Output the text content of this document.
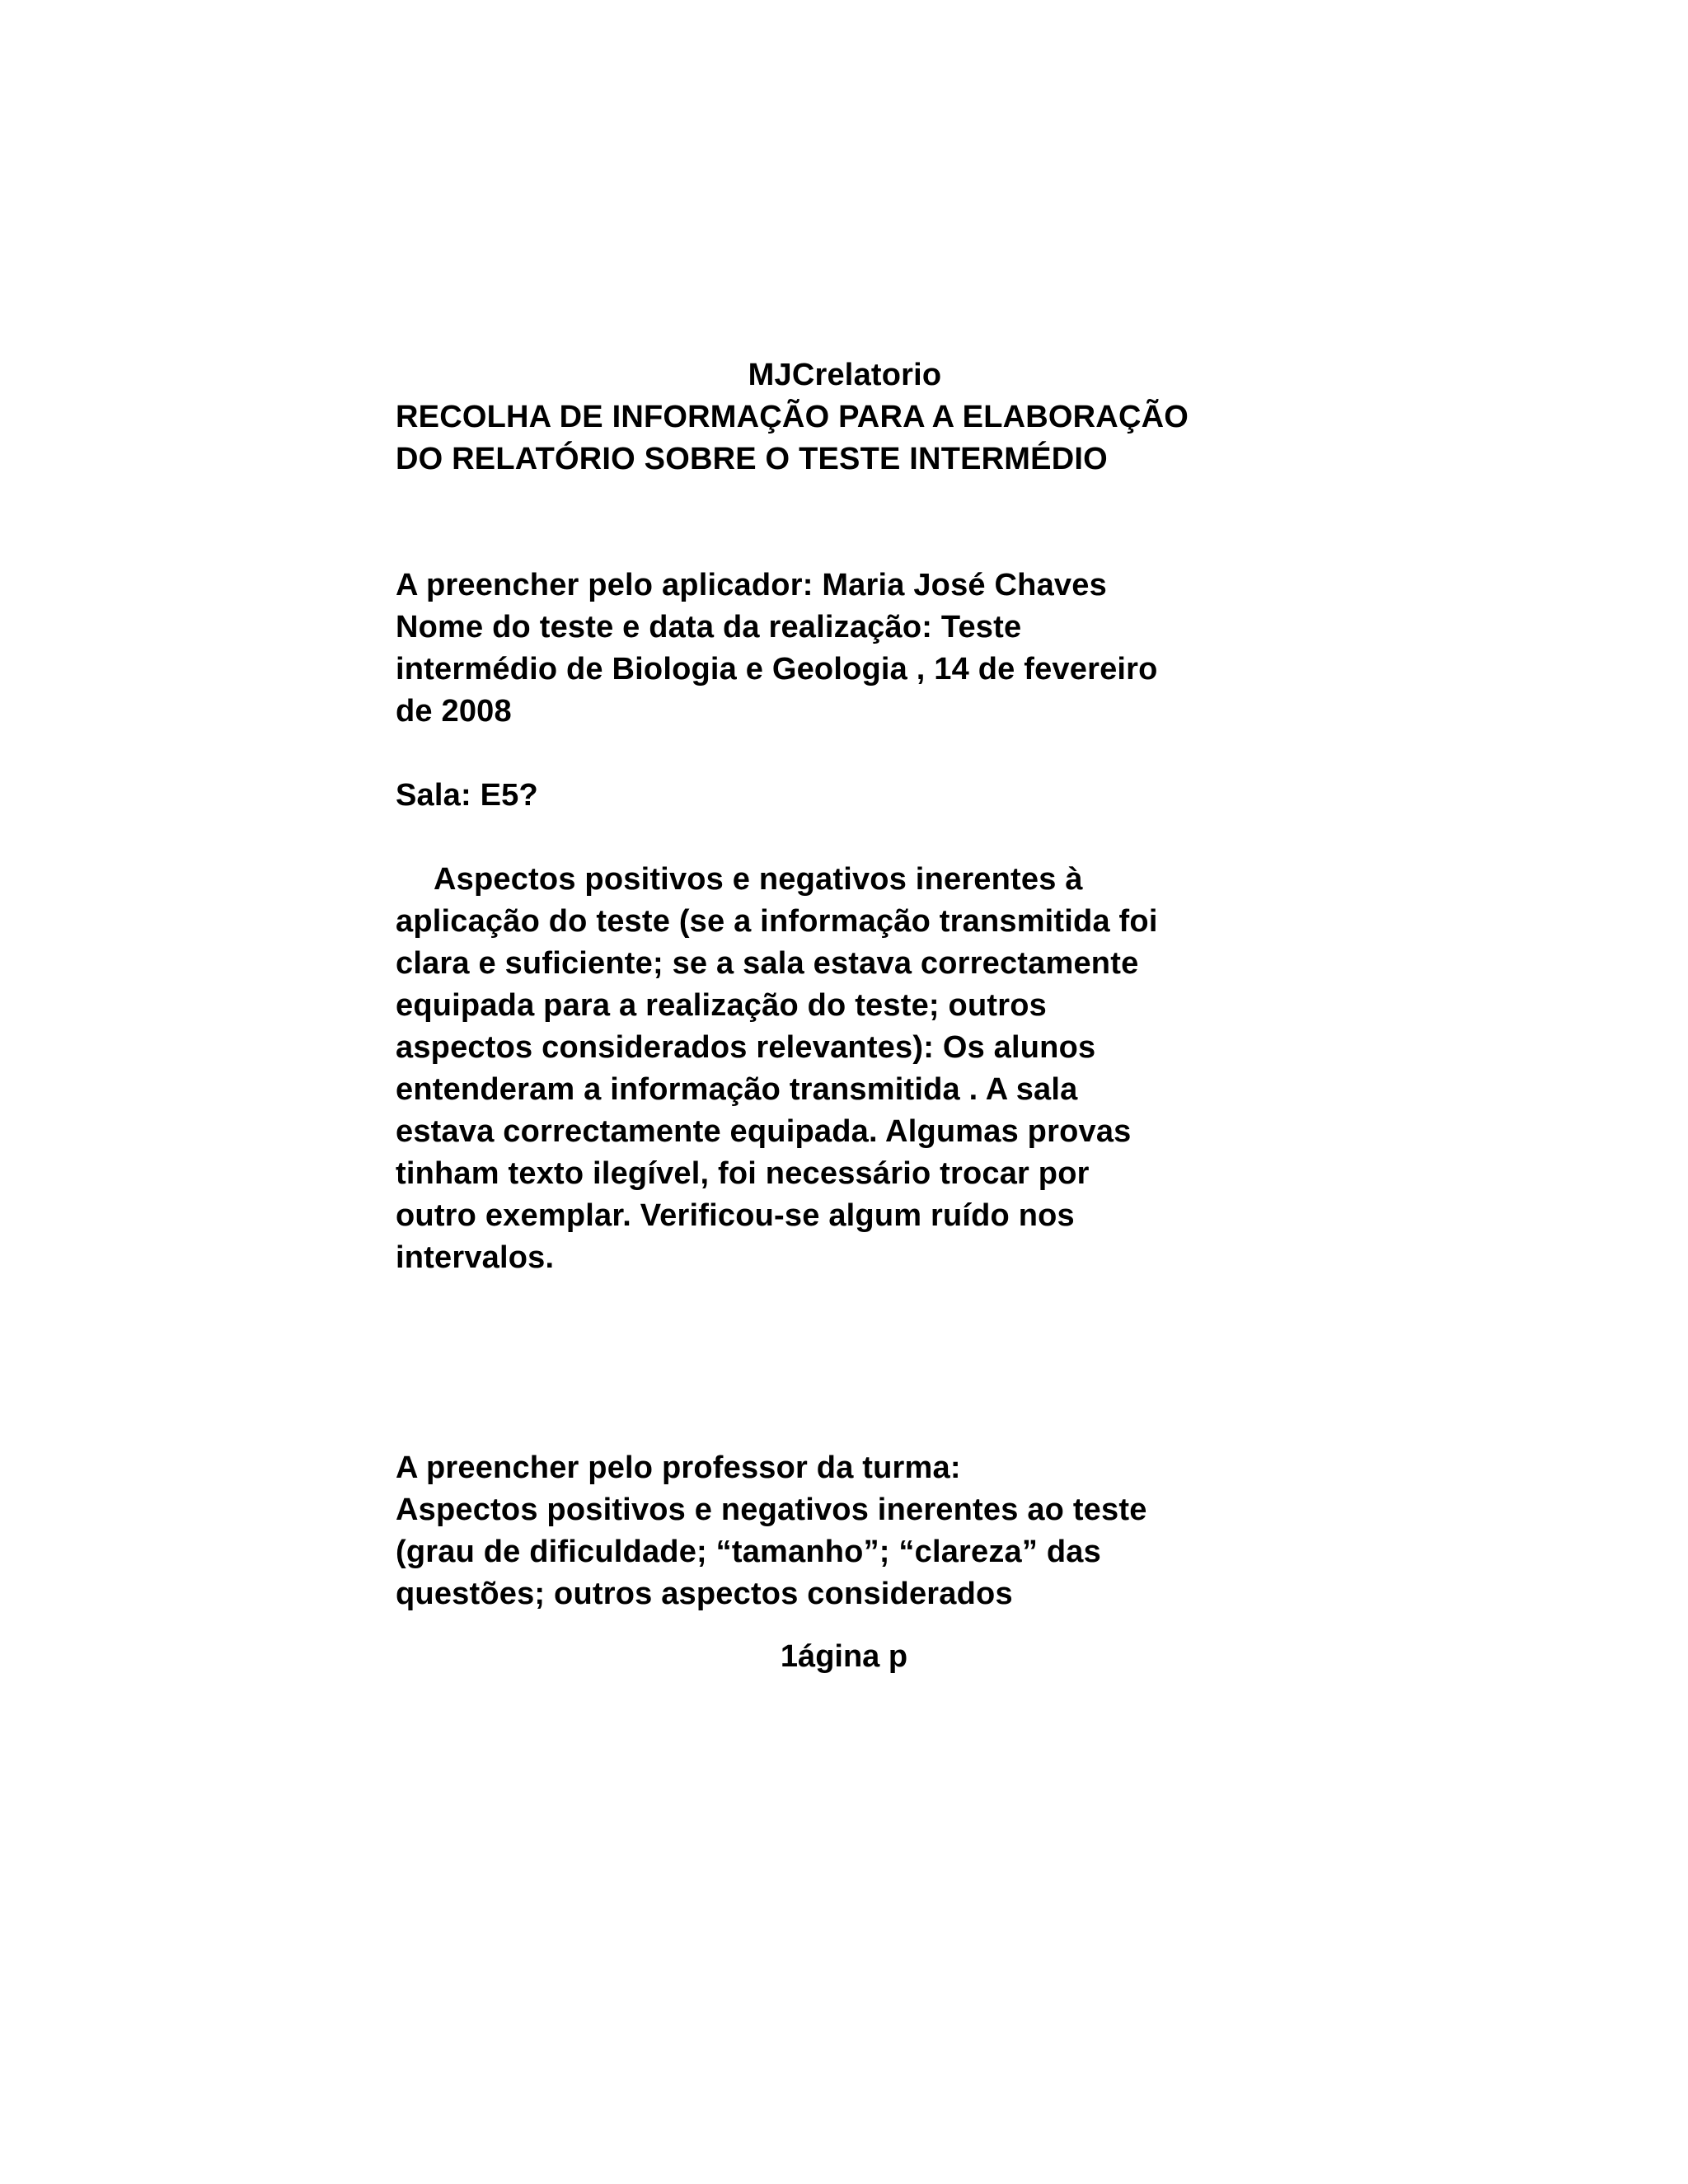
MJCrelatorio

RECOLHA DE INFORMAÇÃO PARA A ELABORAÇÃO

DO RELATÓRIO SOBRE O TESTE INTERMÉDIO

A preencher pelo aplicador: Maria José Chaves

Nome do teste e data da realização: Teste

intermédio de Biologia e Geologia , 14 de fevereiro

de 2008

Sala: E5?

Aspectos positivos e negativos inerentes à

aplicação do teste (se a informação transmitida foi

clara e suficiente; se a sala estava correctamente

equipada para a realização do teste; outros

aspectos considerados relevantes): Os alunos

entenderam a informação transmitida . A sala

estava correctamente equipada. Algumas provas

tinham texto ilegível, foi necessário trocar por

outro exemplar. Verificou-se algum ruído nos

intervalos.

A preencher pelo professor da turma:

Aspectos positivos e negativos inerentes ao teste

(grau de dificuldade; “tamanho”; “clareza” das

questões; outros aspectos considerados

1ágina p
